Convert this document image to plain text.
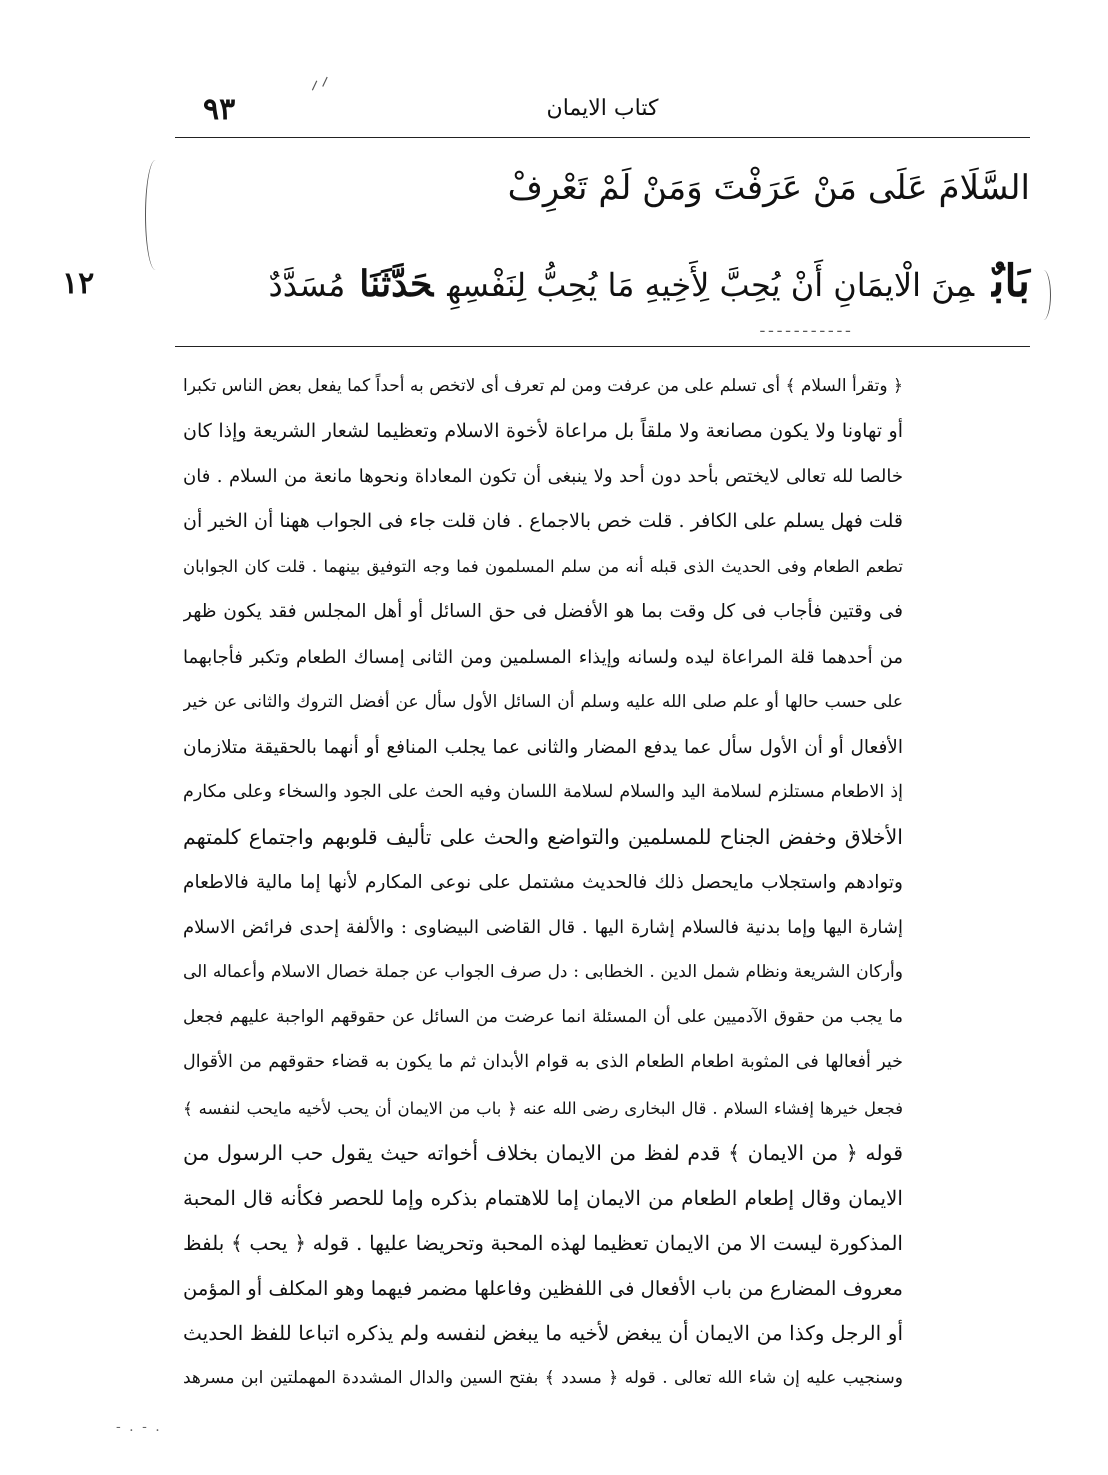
⸍⸍
٩٣	كتاب الايمان
السَّلَامَ عَلَى مَنْ عَرَفْتَ وَمَنْ لَمْ تَعْرِفْ
بَابٌمِنَ الْايمَانِ أَنْ يُحِبَّ لِأَخِيهِ مَا يُحِبُّ لِنَفْسِهِحَدَّثَنَامُسَدَّدٌ
١٢
ـ ـ ـ ـ ـ ـ ـ ـ ـ ـ ـ
﴿ وتقرأ السلام ﴾ أى تسلم على من عرفت ومن لم تعرف أى لاتخص به أحداً كما يفعل بعض الناس تكبرا
أو تهاونا ولا يكون مصانعة ولا ملقاً بل مراعاة لأخوة الاسلام وتعظيما لشعار الشريعة وإذا كان
خالصا لله تعالى لايختص بأحد دون أحد ولا ينبغى أن تكون المعاداة ونحوها مانعة من السلام . فان
قلت فهل يسلم على الكافر . قلت خص بالاجماع . فان قلت جاء فى الجواب ههنا أن الخير أن
تطعم الطعام وفى الحديث الذى قبله أنه من سلم المسلمون فما وجه التوفيق بينهما . قلت كان الجوابان
فى وقتين فأجاب فى كل وقت بما هو الأفضل فى حق السائل أو أهل المجلس فقد يكون ظهر
من أحدهما قلة المراعاة ليده ولسانه وإيذاء المسلمين ومن الثانى إمساك الطعام وتكبر فأجابهما
على حسب حالها أو علم صلى الله عليه وسلم أن السائل الأول سأل عن أفضل التروك والثانى عن خير
الأفعال أو أن الأول سأل عما يدفع المضار والثانى عما يجلب المنافع أو أنهما بالحقيقة متلازمان
إذ الاطعام مستلزم لسلامة اليد والسلام لسلامة اللسان وفيه الحث على الجود والسخاء وعلى مكارم
الأخلاق وخفض الجناح للمسلمين والتواضع والحث على تأليف قلوبهم واجتماع كلمتهم
وتوادهم واستجلاب مايحصل ذلك فالحديث مشتمل على نوعى المكارم لأنها إما مالية فالاطعام
إشارة اليها وإما بدنية فالسلام إشارة اليها . قال القاضى البيضاوى : والألفة إحدى فرائض الاسلام
وأركان الشريعة ونظام شمل الدين . الخطابى : دل صرف الجواب عن جملة خصال الاسلام وأعماله الى
ما يجب من حقوق الآدميين على أن المسئلة انما عرضت من السائل عن حقوقهم الواجبة عليهم فجعل
خير أفعالها فى المثوبة اطعام الطعام الذى به قوام الأبدان ثم ما يكون به قضاء حقوقهم من الأقوال
فجعل خيرها إفشاء السلام . قال البخارى رضى الله عنه ﴿ باب من الايمان أن يحب لأخيه مايحب لنفسه ﴾
قوله ﴿ من الايمان ﴾ قدم لفظ من الايمان بخلاف أخواته حيث يقول حب الرسول من
الايمان وقال إطعام الطعام من الايمان إما للاهتمام بذكره وإما للحصر فكأنه قال المحبة
المذكورة ليست الا من الايمان تعظيما لهذه المحبة وتحريضا عليها . قوله ﴿ يحب ﴾ بلفظ
معروف المضارع من باب الأفعال فى اللفظين وفاعلها مضمر فيهما وهو المكلف أو المؤمن
أو الرجل وكذا من الايمان أن يبغض لأخيه ما يبغض لنفسه ولم يذكره اتباعا للفظ الحديث
وسنجيب عليه إن شاء الله تعالى . قوله ﴿ مسدد ﴾ بفتح السين والدال المشددة المهملتين ابن مسرهد
- . - .
